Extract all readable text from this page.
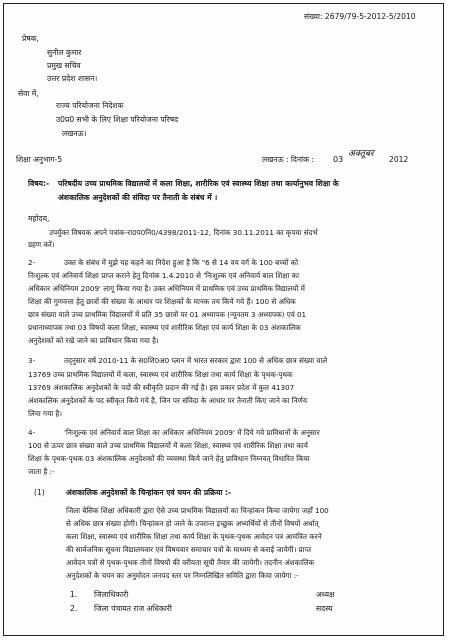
संख्या: 2679/79-5-2012-5/2010
प्रेषक,
सुनील कुमार
प्रमुख सचिव
उत्तर प्रदेश शासन।
सेवा में,
राज्य परियोजना निदेशक
उ0प्र0 सभी के लिए शिक्षा परियोजना परिषद
लखनऊ।
शिक्षा अनुभाग-5	लखनऊ : दिनांक : 03
अक्तूबर
2012
विषय:- परिषदीय उच्च प्राथमिक विद्यालयों में कला शिक्षा, शारीरिक एवं स्वास्थ्य शिक्षा तथा कार्यानुभव शिक्षा के
अंशकालिक अनुदेशकों की संविदा पर तैनाती के संबंध में ।
महोदय,
उपर्युक्त विषयक अपने पत्रांक-रा0प0नि0/4398/2011-12, दिनांक 30.11.2011 का कृपया संदर्भ
ग्रहण करें।
2-	उक्त के संबंध में मुझे यह कहने का निदेश हुआ है कि "6 से 14 वय वर्ग के 100 बच्चों को
निःशुल्क एवं अनिवार्य शिक्षा प्राप्त कराने हेतु दिनांक 1.4.2010 से 'निःशुल्क एवं अनिवार्य बाल शिक्षा का
अधिकार अधिनियम 2009' लागू किया गया है। उक्त अधिनियम में प्राथमिक एवं उच्च प्राथमिक विद्यालयों में
शिक्षा की गुणवत्ता हेतु छात्रों की संख्या के आधार पर शिक्षकों के मानक तय किये गये हैं। 100 से अधिक
छात्र संख्या वाले उच्च प्राथमिक विद्यालयों में प्रति 35 छात्रों पर 01 अध्यापक (न्यूनतम 3 अध्यापक) एवं 01
प्रधानाध्यापक तथा 03 विषयों कला शिक्षा, स्वास्थ्य एवं शारीरिक शिक्षा एवं कार्य शिक्षा के 03 अंशकालिक
अनुदेशकों को रखे जाने का प्राविधान किया गया है।
3-	तद्नुसार वर्ष 2010-11 के स0शि0अ0 प्लान में भारत सरकार द्वारा 100 से अधिक छात्र संख्या वाले
13769 उच्च प्राथमिक विद्यालयों में कला, स्वास्थ्य एवं शारीरिक शिक्षा तथा कार्य शिक्षा के पृथक-पृथक
13769 अंशकालिक अनुदेशकों के पदों की स्वीकृति प्रदान की गई है। इस प्रकार प्रदेश में कुल 41307
अंशकालिक अनुदेशकों के पद स्वीकृत किये गये है, जिन पर संविदा के आधार पर तैनाती किए जाने का निर्णय
लिया गया है।
4-	'निःशुल्क एवं अनिवार्य बाल शिक्षा का अधिकार अधिनियम 2009' में दिये गये प्राविधानों के अनुसार
100 से ऊपर छात्र संख्या वाले उच्च प्राथमिक विद्यालयों में कला शिक्षा, स्वास्थ्य एवं शारीरिक शिक्षा तथा कार्य
शिक्षा के पृथक-पृथक 03 अंशकालिक अनुदेशकों की व्यवस्था किये जाने हेतु प्राविधान निम्नवत् विधारित किया
जाता है :-
(1)	अंशकालिक अनुदेशकों के चिन्हांकन एवं चयन की प्रक्रिया :-
जिला बेसिक शिक्षा अधिकारी द्वारा ऐसे उच्च प्राथमिक विद्यालयों का चिन्हांकन किया जायेगा जहाँ 100
से अधिक छात्र संख्या होगी। चिन्हांकन हो जाने के उपरान्त इच्छुक अभ्यर्थियों से तीनों विषयों अर्थात्
कला शिक्षा, स्वास्थ्य एवं शारीरिक शिक्षा तथा कार्य शिक्षा के पृथक-पृथक आवेदन पत्र आमंत्रित करने
की सार्वजनिक सूचना विद्यालयवार एवं विषयवार समाचार पत्रों के माध्यम से कराई जायेगी। प्राप्त
आवेदन पत्रों से पृथक-पृथक तीनों विषयों की वरीयता सूची तैयार की जायेगी। तदनीन अंशकालिक
अनुदेशकों के चयन का अनुमोदन जनपद स्तर पर निम्नलिखित समिति द्वारा किया जायेगा :-
1. जिलाधिकारी	अध्यक्ष
2. जिला पंचायत राज अधिकारी	सदस्य
